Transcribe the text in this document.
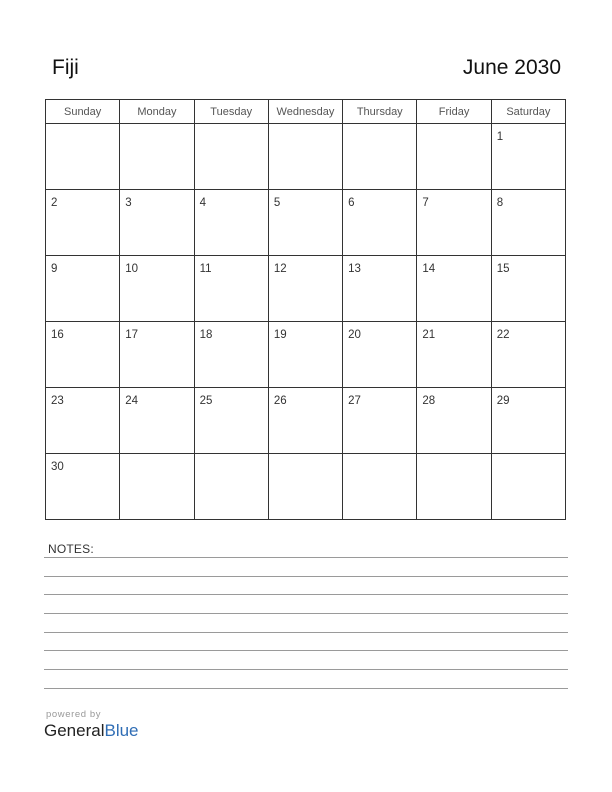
Fiji	June 2030
Sunday	Monday	Tuesday	Wednesday	Thursday	Friday	Saturday

						1

2	3	4	5	6	7	8

9	10	11	12	13	14	15

16	17	18	19	20	21	22

23	24	25	26	27	28	29

30						

NOTES:
powered by
GeneralBlue
